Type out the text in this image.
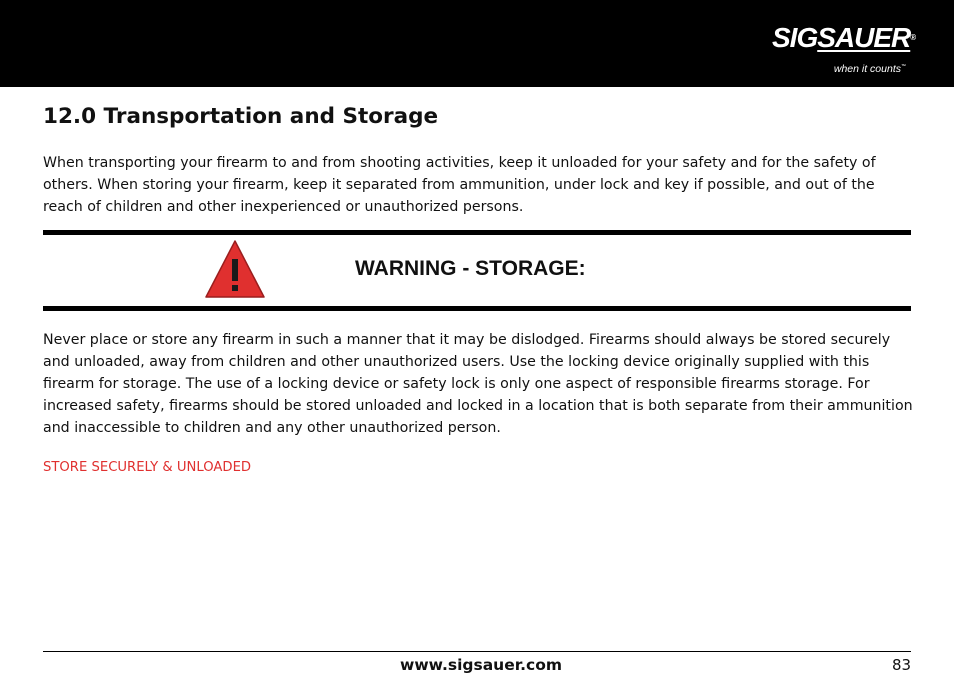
SIGSAUER®
when it counts™
12.0 Transportation and Storage

When transporting your firearm to and from shooting activities, keep it unloaded for your safety and for the safety of others. When storing your firearm, keep it separated from ammunition, under lock and key if possible, and out of the reach of children and other inexperienced or unauthorized persons.

WARNING - STORAGE:

Never place or store any firearm in such a manner that it may be dislodged. Firearms should always be stored securely and unloaded, away from children and other unauthorized users. Use the locking device originally supplied with this firearm for storage. The use of a locking device or safety lock is only one aspect of responsible firearms storage. For increased safety, firearms should be stored unloaded and locked in a location that is both separate from their ammunition and inaccessible to children and any other unauthorized person.

STORE SECURELY & UNLOADED
www.sigsauer.com	83
